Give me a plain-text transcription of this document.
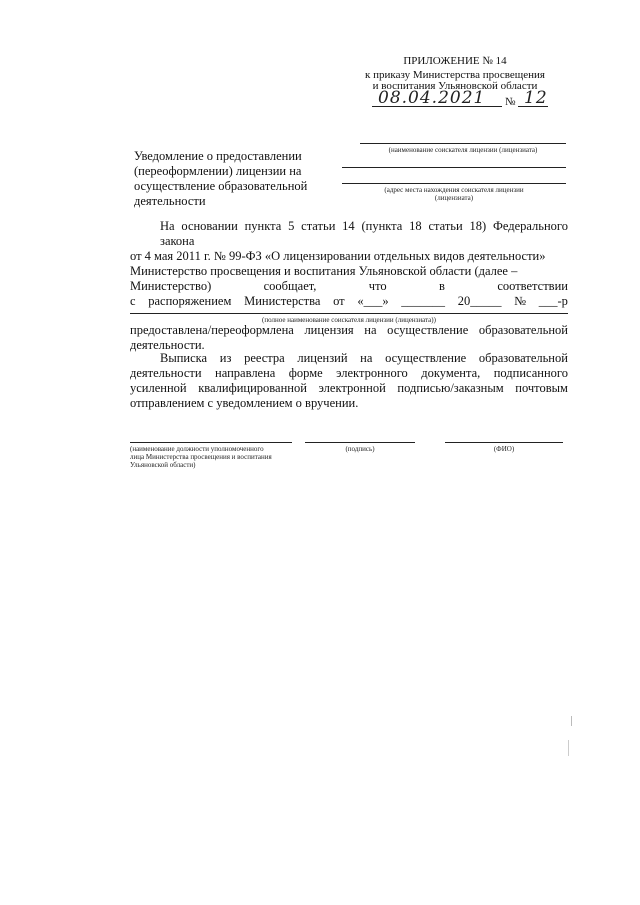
ПРИЛОЖЕНИЕ № 14
к приказу Министерства просвещения
и воспитания Ульяновской области
08.04.2021 № 12
Уведомление о предоставлении
(переоформлении) лицензии на
осуществление образовательной
деятельности
(наименование соискателя лицензии (лицензиата)
(адрес места нахождения соискателя лицензии
(лицензиата)
На основании пункта 5 статьи 14 (пункта 18 статьи 18) Федерального закона
от 4 мая 2011 г. № 99-ФЗ «О лицензировании отдельных видов деятельности»
Министерство просвещения и воспитания Ульяновской области (далее –
Министерство)	сообщает,	что	в	соответствии
с распоряжением Министерства от «___» _______ 20_____ № ___-р
(полное наименование соискателя лицензии (лицензиата))
предоставлена/переоформлена лицензия на осуществление образовательной
деятельности.
Выписка из реестра лицензий на осуществление образовательной
деятельности направлена форме электронного документа, подписанного
усиленной квалифицированной электронной подписью/заказным почтовым
отправлением с уведомлением о вручении.
(наименование должности уполномоченного
лица Министерства просвещения и воспитания
Ульяновской области)
(подпись)	(ФИО)
